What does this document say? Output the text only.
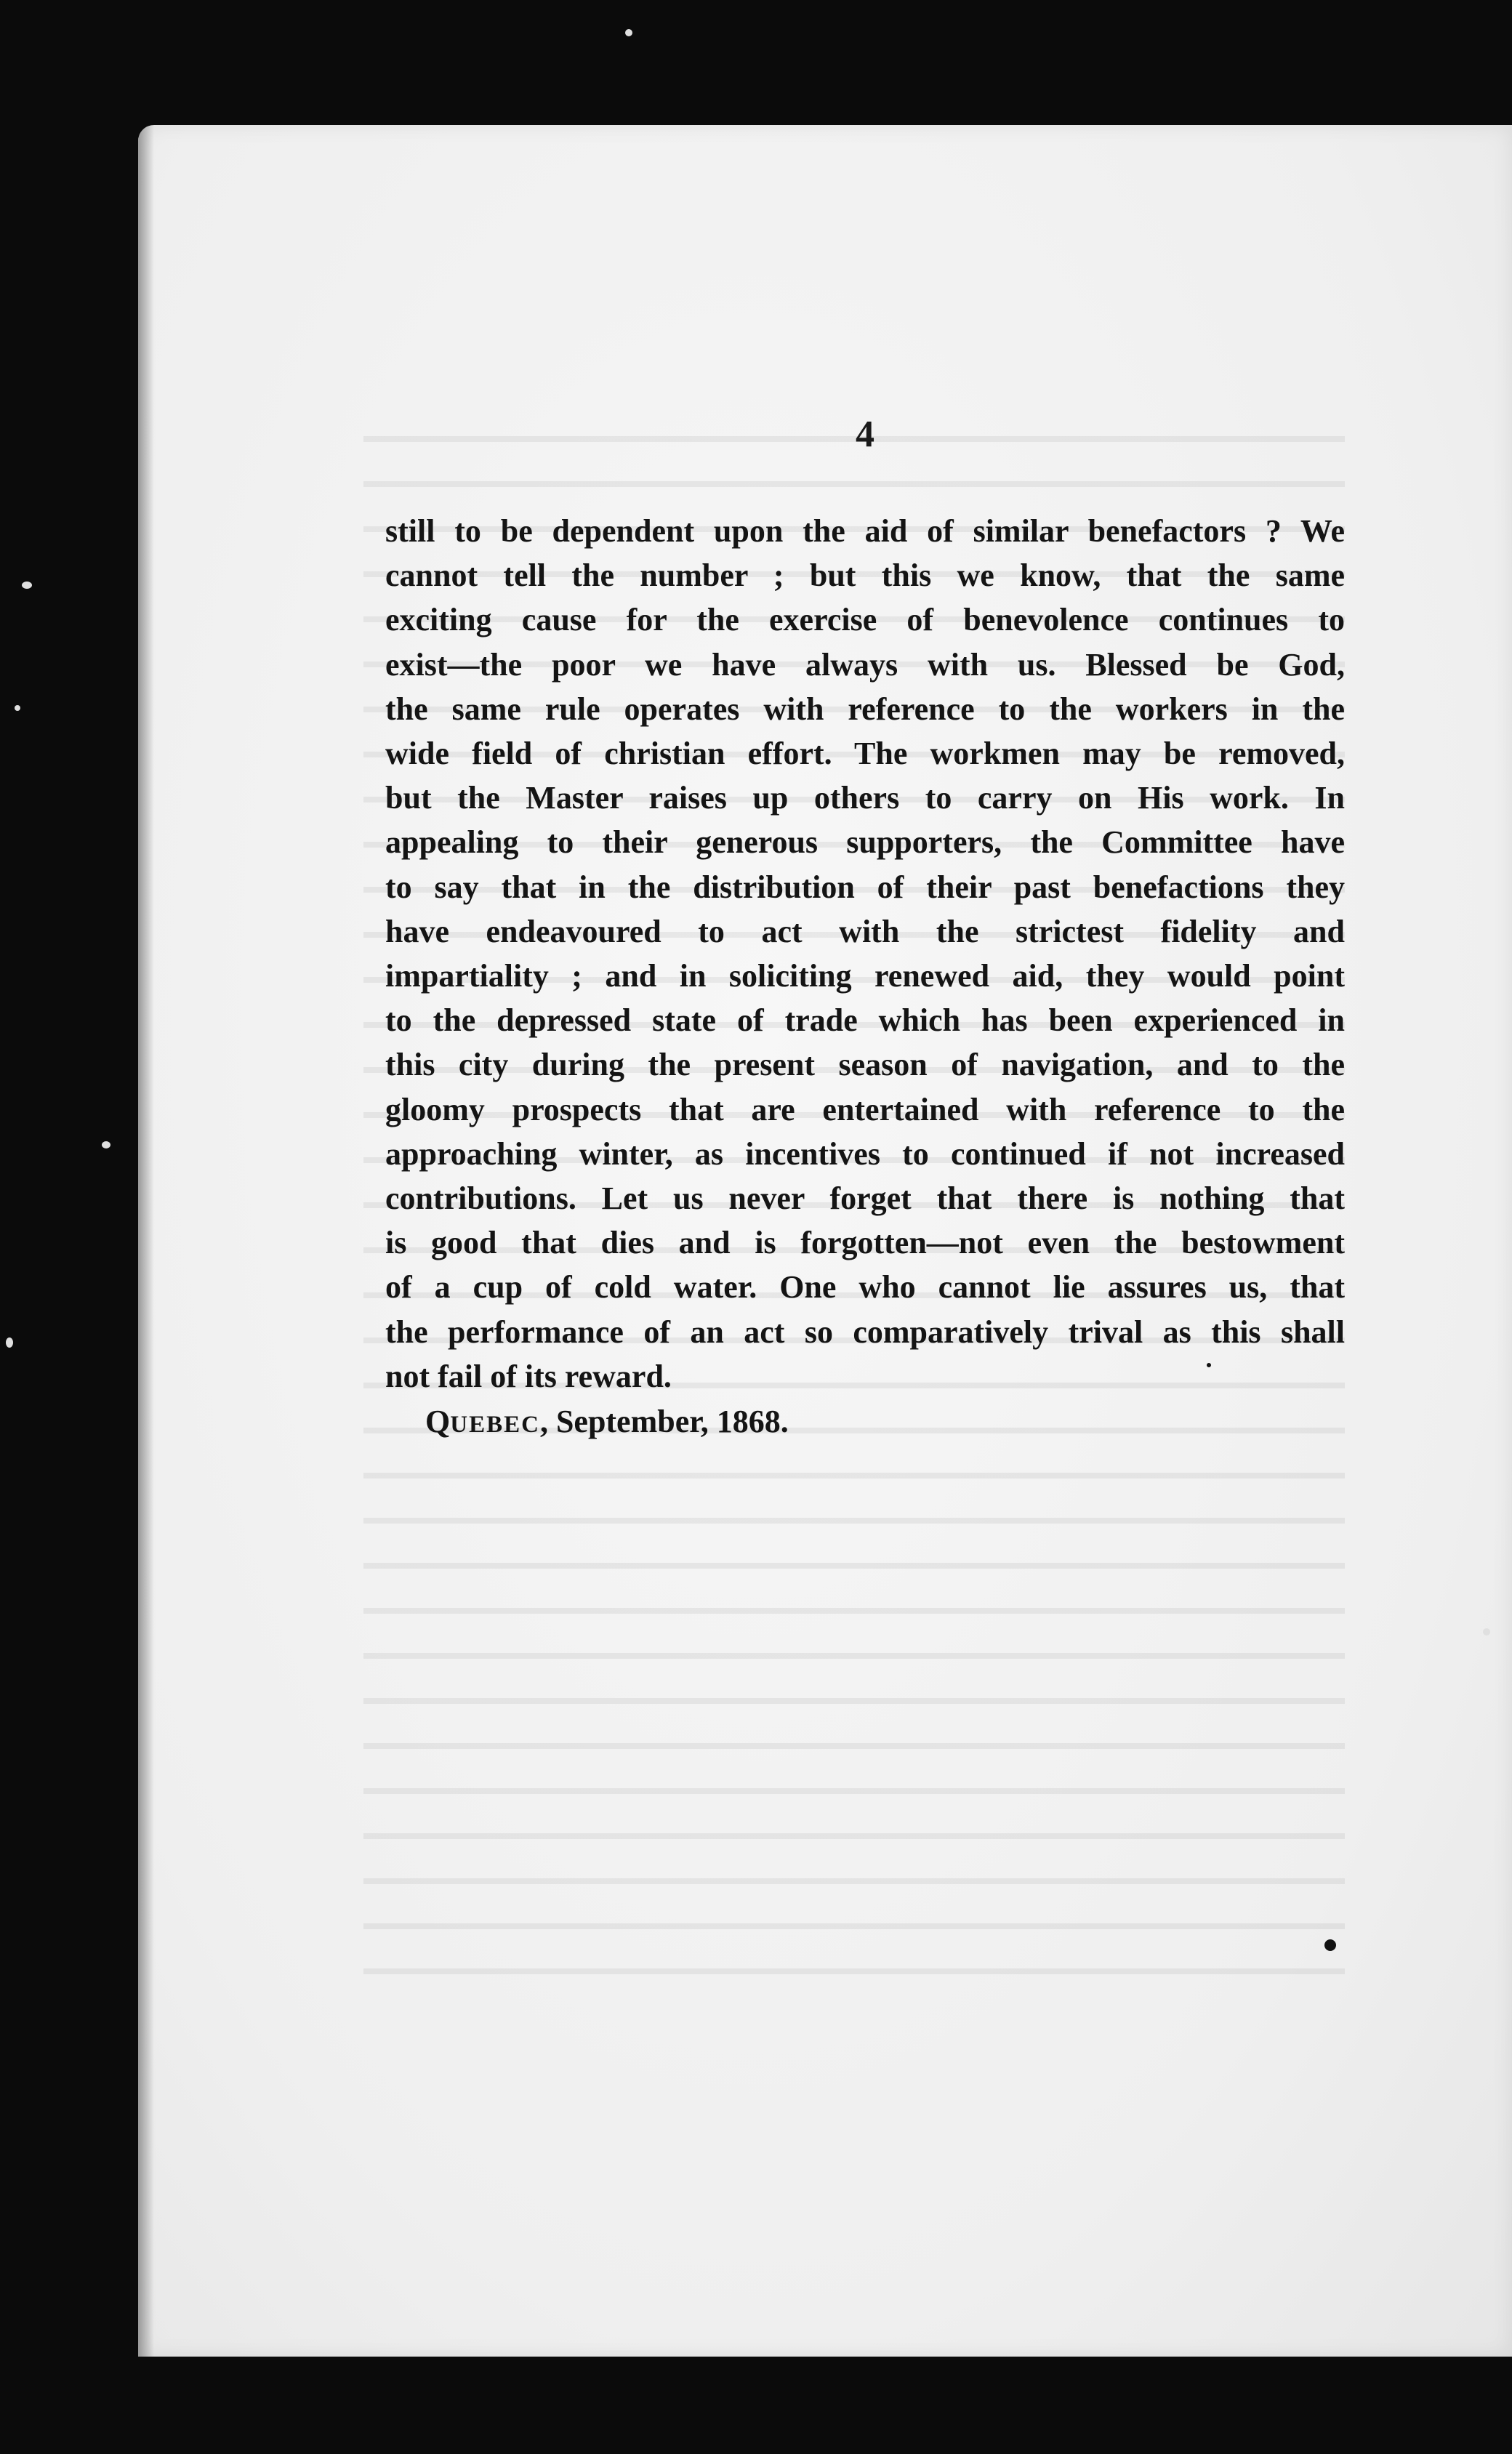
4

still to be dependent upon the aid of similar benefactors ? We
cannot tell the number ; but this we know, that the same
exciting cause for the exercise of benevolence continues to
exist—the poor we have always with us. Blessed be God,
the same rule operates with reference to the workers in the
wide field of christian effort. The workmen may be removed,
but the Master raises up others to carry on His work. In
appealing to their generous supporters, the Committee have
to say that in the distribution of their past benefactions they
have endeavoured to act with the strictest fidelity and
impartiality ; and in soliciting renewed aid, they would point
to the depressed state of trade which has been experienced in
this city during the present season of navigation, and to the
gloomy prospects that are entertained with reference to the
approaching winter, as incentives to continued if not increased
contributions. Let us never forget that there is nothing that
is good that dies and is forgotten—not even the bestowment
of a cup of cold water. One who cannot lie assures us, that
the performance of an act so comparatively trival as this shall
not fail of its reward.

QUEBEC, September, 1868.
